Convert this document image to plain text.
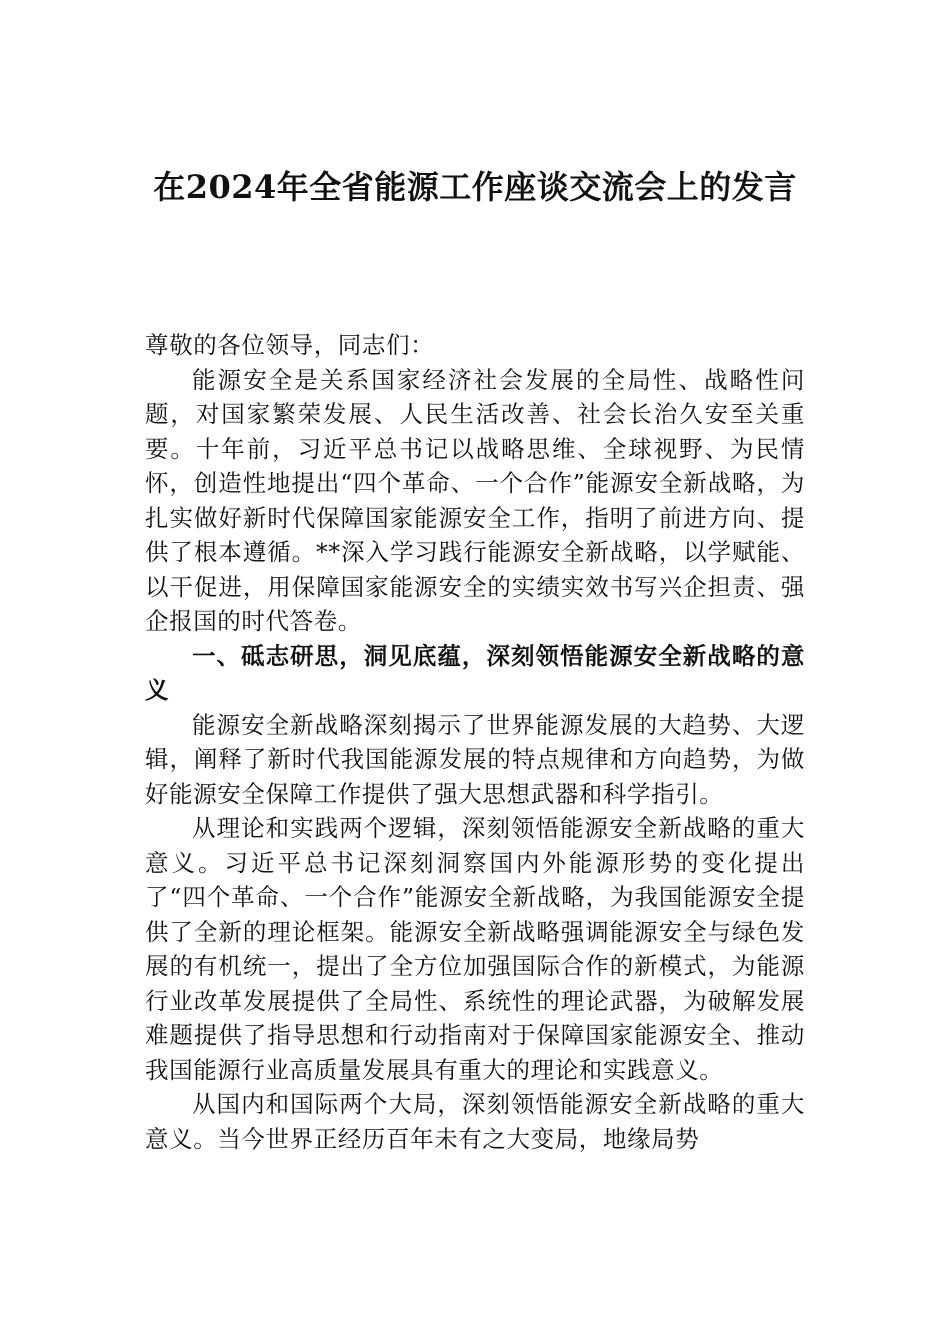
在2024年全省能源工作座谈交流会上的发言

尊敬的各位领导，同志们：

能源安全是关系国家经济社会发展的全局性、战略性问题，对国家繁荣发展、人民生活改善、社会长治久安至关重要。十年前，习近平总书记以战略思维、全球视野、为民情怀，创造性地提出“四个革命、一个合作”能源安全新战略，为扎实做好新时代保障国家能源安全工作，指明了前进方向、提供了根本遵循。**深入学习践行能源安全新战略，以学赋能、以干促进，用保障国家能源安全的实绩实效书写兴企担责、强企报国的时代答卷。

一、砥志研思，洞见底蕴，深刻领悟能源安全新战略的意义

能源安全新战略深刻揭示了世界能源发展的大趋势、大逻辑，阐释了新时代我国能源发展的特点规律和方向趋势，为做好能源安全保障工作提供了强大思想武器和科学指引。

从理论和实践两个逻辑，深刻领悟能源安全新战略的重大意义。习近平总书记深刻洞察国内外能源形势的变化提出了“四个革命、一个合作”能源安全新战略，为我国能源安全提供了全新的理论框架。能源安全新战略强调能源安全与绿色发展的有机统一，提出了全方位加强国际合作的新模式，为能源行业改革发展提供了全局性、系统性的理论武器，为破解发展难题提供了指导思想和行动指南对于保障国家能源安全、推动我国能源行业高质量发展具有重大的理论和实践意义。

从国内和国际两个大局，深刻领悟能源安全新战略的重大意义。当今世界正经历百年未有之大变局，地缘局势
